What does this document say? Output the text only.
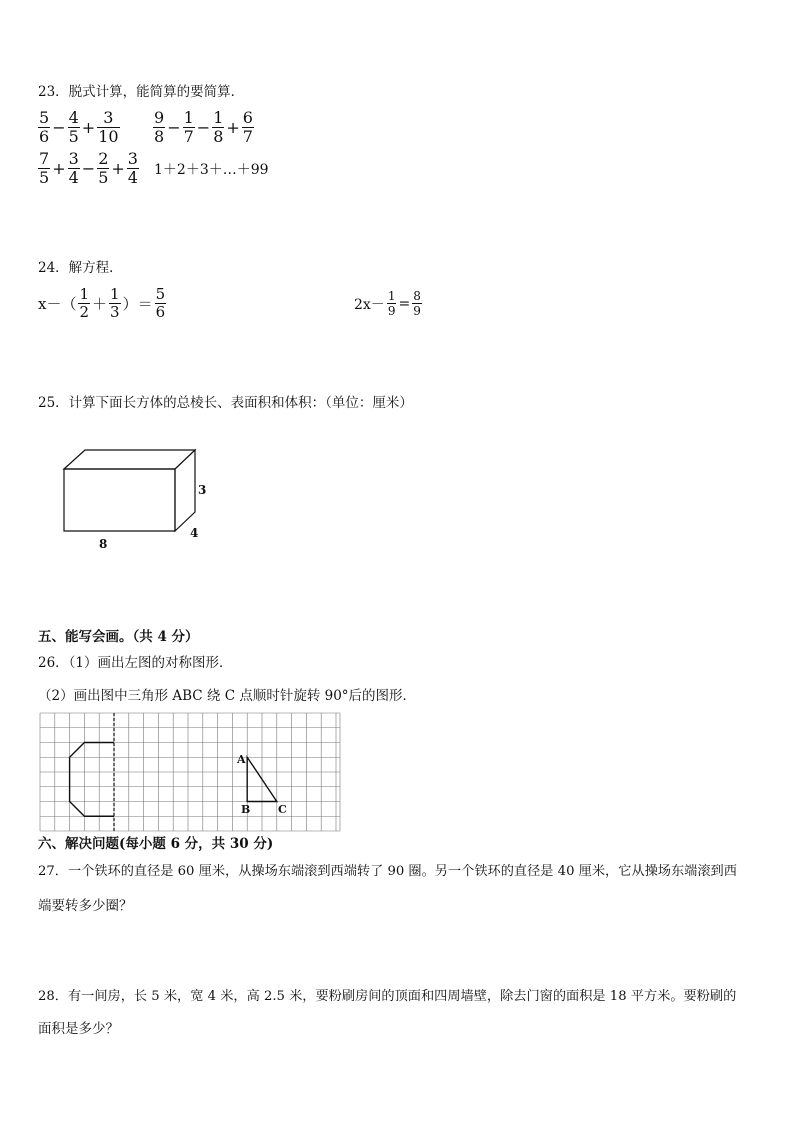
23．脱式计算，能简算的要简算．
$\frac{5}{6} - \frac{4}{5} + \frac{3}{10} \frac{9}{8} - \frac{1}{7} - \frac{1}{8} + \frac{6}{7}$
$\frac{7}{5} + \frac{3}{4} - \frac{2}{5} + \frac{3}{4}$ 1＋2＋3＋…＋99
24．解方程．
$x-( \frac{1}{2} + \frac{1}{3}$ ）＝ $\frac{5}{6}$	$2x- \frac{1}{9} = \frac{8}{9}$
25．计算下面长方体的总棱长、表面积和体积：（单位：厘米）
3
4
8
五、能写会画。（共 4 分）
26．（1）画出左图的对称图形．
（2）画出图中三角形 ABC 绕 C 点顺时针旋转 90°后的图形．
A
B	C
六、解决问题(每小题 6 分，共 30 分)
27．一个铁环的直径是 60 厘米，从操场东端滚到西端转了 90 圈。另一个铁环的直径是 40 厘米，它从操场东端滚到西
端要转多少圈？
28．有一间房，长 5 米，宽 4 米，高 2.5 米，要粉刷房间的顶面和四周墙壁，除去门窗的面积是 18 平方米。要粉刷的
面积是多少？
